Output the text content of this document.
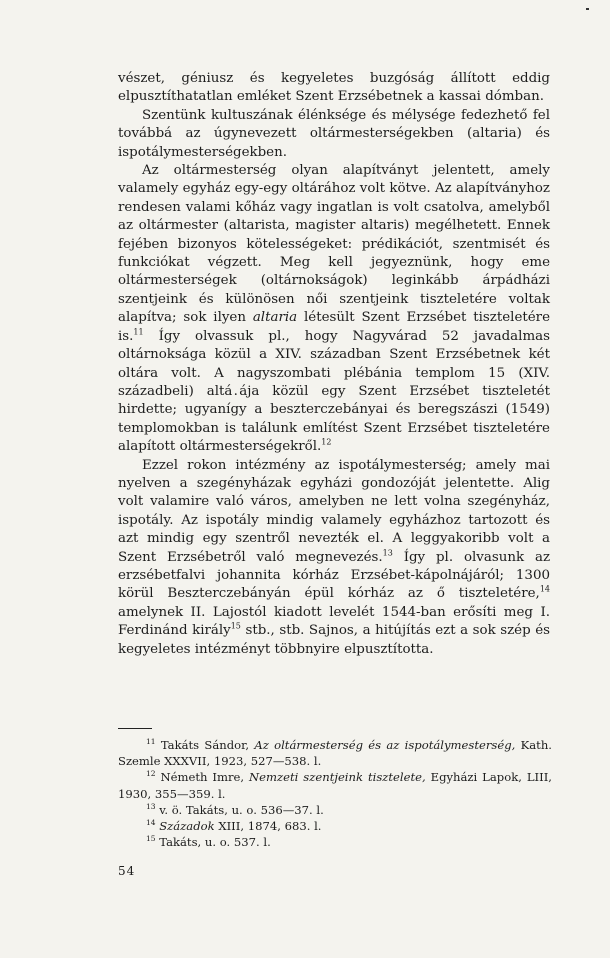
vészet, géniusz és kegyeletes buzgóság állított eddig elpusztíthatatlan emléket Szent Erzsébetnek a kassai dómban.

Szentünk kultuszának élénksége és mélysége fedezhető fel továbbá az úgynevezett oltármesterségekben (altaria) és ispotálymesterségekben.

Az oltármesterség olyan alapítványt jelentett, amely valamely egyház egy-egy oltárához volt kötve. Az alapítványhoz rendesen valami kőház vagy ingatlan is volt csatolva, amelyből az oltármester (altarista, magister altaris) megélhetett. Ennek fejében bizonyos kötelességeket: prédikációt, szentmisét és funkciókat végzett. Meg kell jegyeznünk, hogy eme oltármesterségek (oltárnokságok) leginkább árpádházi szentjeink és különösen női szentjeink tiszteletére voltak alapítva; sok ilyen altaria létesült Szent Erzsébet tiszteletére is.$^{11}$ Így olvassuk pl., hogy Nagyvárad 52 javadalmas oltárnoksága közül a XIV. században Szent Erzsébetnek két oltára volt. A nagyszombati plébánia templom 15 (XIV. századbeli) altá . ája közül egy Szent Erzsébet tiszteletét hirdette; ugyanígy a beszterczebányai és beregszászi (1549) templomokban is találunk említést Szent Erzsébet tiszteletére alapított oltármesterségekről.$^{12}$

Ezzel rokon intézmény az ispotálymesterség; amely mai nyelven a szegényházak egyházi gondozóját jelentette. Alig volt valamire való város, amelyben ne lett volna szegényház, ispotály. Az ispotály mindig valamely egyházhoz tartozott és azt mindig egy szentről nevezték el. A leggyakoribb volt a Szent Erzsébetről való megnevezés.$^{13}$ Így pl. olvasunk az erzsébetfalvi johannita kórház Erzsébet-kápolnájáról; 1300 körül Beszterczebányán épül kórház az ő tiszteletére,$^{14}$ amelynek II. Lajostól kiadott levelét 1544-ban erősíti meg I. Ferdinánd király$^{15}$ stb., stb. Sajnos, a hitújítás ezt a sok szép és kegyeletes intézményt többnyire elpusztította.

$^{11}$ Takáts Sándor, Az oltármesterség és az ispotálymesterség, Kath. Szemle XXXVII, 1923, 527—538. l.

$^{12}$ Németh Imre, Nemzeti szentjeink tisztelete, Egyházi Lapok, LIII, 1930, 355—359. l.

$^{13}$ v. ö. Takáts, u. o. 536—37. l.

$^{14}$ Századok XIII, 1874, 683. l.

$^{15}$ Takáts, u. o. 537. l.

54
